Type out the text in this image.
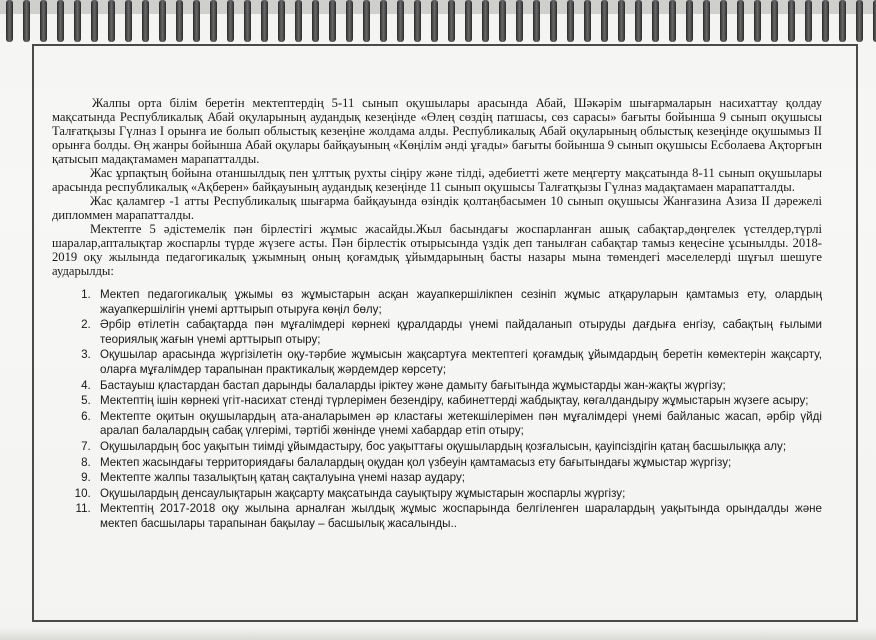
Жалпы орта білім беретін мектептердің 5-11 сынып оқушылары арасында Абай, Шәкәрім шығармаларын насихаттау қолдау мақсатында Республикалық Абай оқуларының аудандық кезеңінде «Өлең сөздің патшасы, сөз сарасы» бағыты бойынша 9 сынып оқушысы Талғатқызы Гүлназ I орынға ие болып облыстық кезеңіне жолдама алды. Республикалық Абай оқуларының облыстық кезеңінде оқушымыз II орынға болды. Өң жанры бойынша Абай оқулары байқауының «Көңілім әнді ұғады» бағыты бойынша 9 сынып оқушысы Есболаева Ақторғын қатысып мадақтамамен марапатталды.

Жас ұрпақтың бойына отаншылдық пен ұлттық рухты сіңіру және тілді, әдебиетті жете меңгерту мақсатында 8-11 сынып оқушылары арасында республикалық «Ақберен» байқауының аудандық кезеңінде 11 сынып оқушысы Талғатқызы Гүлназ мадақтамаен марапатталды.

Жас қаламгер -1 атты Республикалық шығарма байқауында өзіндік қолтаңбасымен 10 сынып оқушысы Жанғазина Азиза II дәрежелі дипломмен марапатталды.

Мектепте 5 әдістемелік пән бірлестігі жұмыс жасайды.Жыл басындағы жоспарланған ашық сабақтар,дөңгелек үстелдер,түрлі шаралар,апталықтар жоспарлы түрде жүзеге асты. Пән бірлестік отырысында үздік деп танылған сабақтар тамыз кеңесіне ұсынылды. 2018-2019 оқу жылында педагогикалық ұжымның оның қоғамдық ұйымдарының басты назары мына төмендегі мәселелерді шұғыл шешуге аударылды:

1. Мектеп педагогикалық ұжымы өз жұмыстарын асқан жауапкершілікпен сезініп жұмыс атқаруларын қамтамыз ету, олардың жауапкершілігін үнемі арттырып отыруға көңіл бөлу;
2. Әрбір өтілетін сабақтарда пән мұғалімдері көрнекі құралдарды үнемі пайдаланып отыруды дағдыға енгізу, сабақтың ғылыми теориялық жағын үнемі арттырып отыру;
3. Оқушылар арасында жүргізілетін оқу-тәрбие жұмысын жақсартуға мектептегі қоғамдық ұйымдардың беретін көмектерін жақсарту, оларға мұғалімдер тарапынан практикалық жәрдемдер көрсету;
4. Бастауыш қластардан бастап дарынды балаларды іріктеу және дамыту бағытында жұмыстарды жан-жақты жүргізу;
5. Мектептің ішін көрнекі үгіт-насихат стенді түрлерімен безендіру, кабинеттерді жабдықтау, көгалдандыру жұмыстарын жүзеге асыру;
6. Мектепте оқитын оқушылардың ата-аналарымен әр кластағы жетекшілерімен пән мұғалімдері үнемі байланыс жасап, әрбір үйді аралап балалардың сабақ үлгерімі, тәртібі жөнінде үнемі хабардар етіп отыру;
7. Оқушылардың бос уақытын тиімді ұйымдастыру, бос уақыттағы оқушылардың қозғалысын, қауіпсіздігін қатаң басшылыққа алу;
8. Мектеп жасындағы территориядағы балалардың оқудан қол үзбеуін қамтамасыз ету бағытындағы жұмыстар жүргізу;
9. Мектепте жалпы тазалықтың қатаң сақталуына үнемі назар аудару;
10. Оқушылардың денсаулықтарын жақсарту мақсатында сауықтыру жұмыстарын жоспарлы жүргізу;
11. Мектептің 2017-2018 оқу жылына арналған жылдық жұмыс жоспарында белгіленген шаралардың уақытында орындалды және мектеп басшылары тарапынан бақылау – басшылық жасалынды..
